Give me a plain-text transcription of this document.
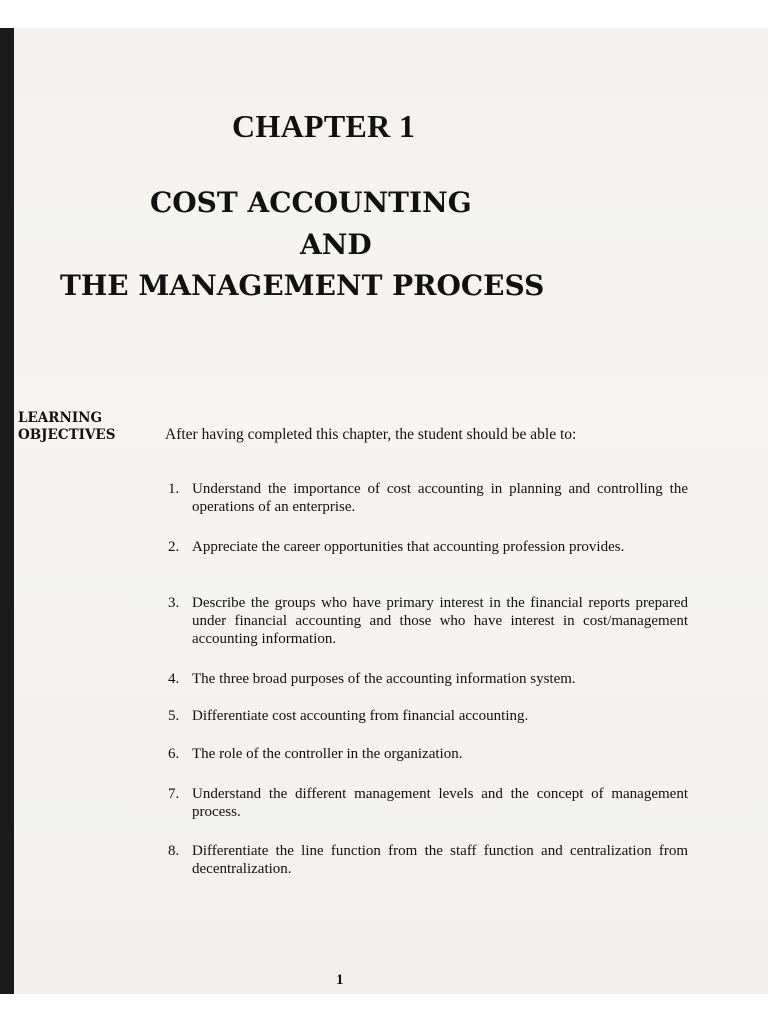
CHAPTER 1
COST ACCOUNTING
AND
THE MANAGEMENT PROCESS
LEARNING
OBJECTIVES	After having completed this chapter, the student should be able to:

1. Understand the importance of cost accounting in planning and controlling the operations of an enterprise.
2. Appreciate the career opportunities that accounting profession provides.
3. Describe the groups who have primary interest in the financial reports prepared under financial accounting and those who have interest in cost/management accounting information.
4. The three broad purposes of the accounting information system.
5. Differentiate cost accounting from financial accounting.
6. The role of the controller in the organization.
7. Understand the different management levels and the concept of management process.
8. Differentiate the line function from the staff function and centralization from decentralization.

1
